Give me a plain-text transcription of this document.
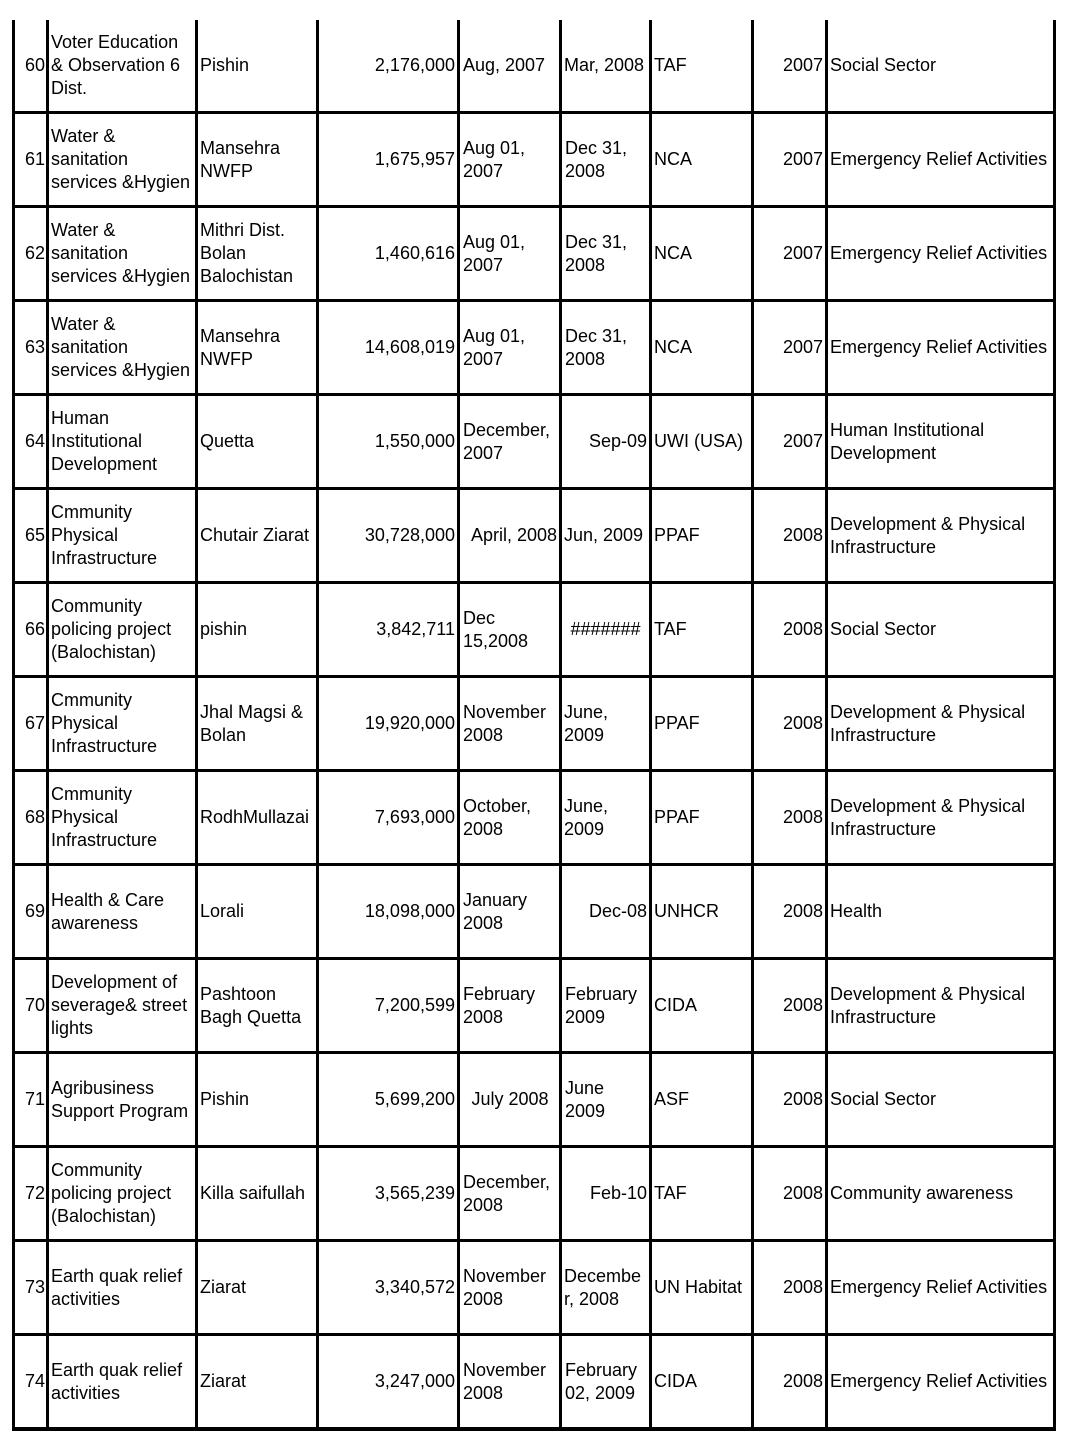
60	Voter Education & Observation 6 Dist.	Pishin	2,176,000	Aug, 2007	Mar, 2008	TAF	2007	Social Sector
61	Water & sanitation services &Hygien	Mansehra NWFP	1,675,957	Aug 01, 2007	Dec 31, 2008	NCA	2007	Emergency Relief Activities
62	Water & sanitation services &Hygien	Mithri Dist. Bolan Balochistan	1,460,616	Aug 01, 2007	Dec 31, 2008	NCA	2007	Emergency Relief Activities
63	Water & sanitation services &Hygien	Mansehra NWFP	14,608,019	Aug 01, 2007	Dec 31, 2008	NCA	2007	Emergency Relief Activities
64	Human Institutional Development	Quetta	1,550,000	December, 2007	Sep-09	UWI (USA)	2007	Human Institutional Development
65	Cmmunity Physical Infrastructure	Chutair Ziarat	30,728,000	April, 2008	Jun, 2009	PPAF	2008	Development & Physical Infrastructure
66	Community policing project (Balochistan)	pishin	3,842,711	Dec 15,2008	#######	TAF	2008	Social Sector
67	Cmmunity Physical Infrastructure	Jhal Magsi & Bolan	19,920,000	November 2008	June, 2009	PPAF	2008	Development & Physical Infrastructure
68	Cmmunity Physical Infrastructure	RodhMullazai	7,693,000	October, 2008	June, 2009	PPAF	2008	Development & Physical Infrastructure
69	Health & Care awareness	Lorali	18,098,000	January 2008	Dec-08	UNHCR	2008	Health
70	Development of severage& street lights	Pashtoon Bagh Quetta	7,200,599	February 2008	February 2009	CIDA	2008	Development & Physical Infrastructure
71	Agribusiness Support Program	Pishin	5,699,200	July 2008	June 2009	ASF	2008	Social Sector
72	Community policing project (Balochistan)	Killa saifullah	3,565,239	December, 2008	Feb-10	TAF	2008	Community awareness
73	Earth quak relief activities	Ziarat	3,340,572	November 2008	December, 2008	UN Habitat	2008	Emergency Relief Activities
74	Earth quak relief activities	Ziarat	3,247,000	November 2008	February 02, 2009	CIDA	2008	Emergency Relief Activities
